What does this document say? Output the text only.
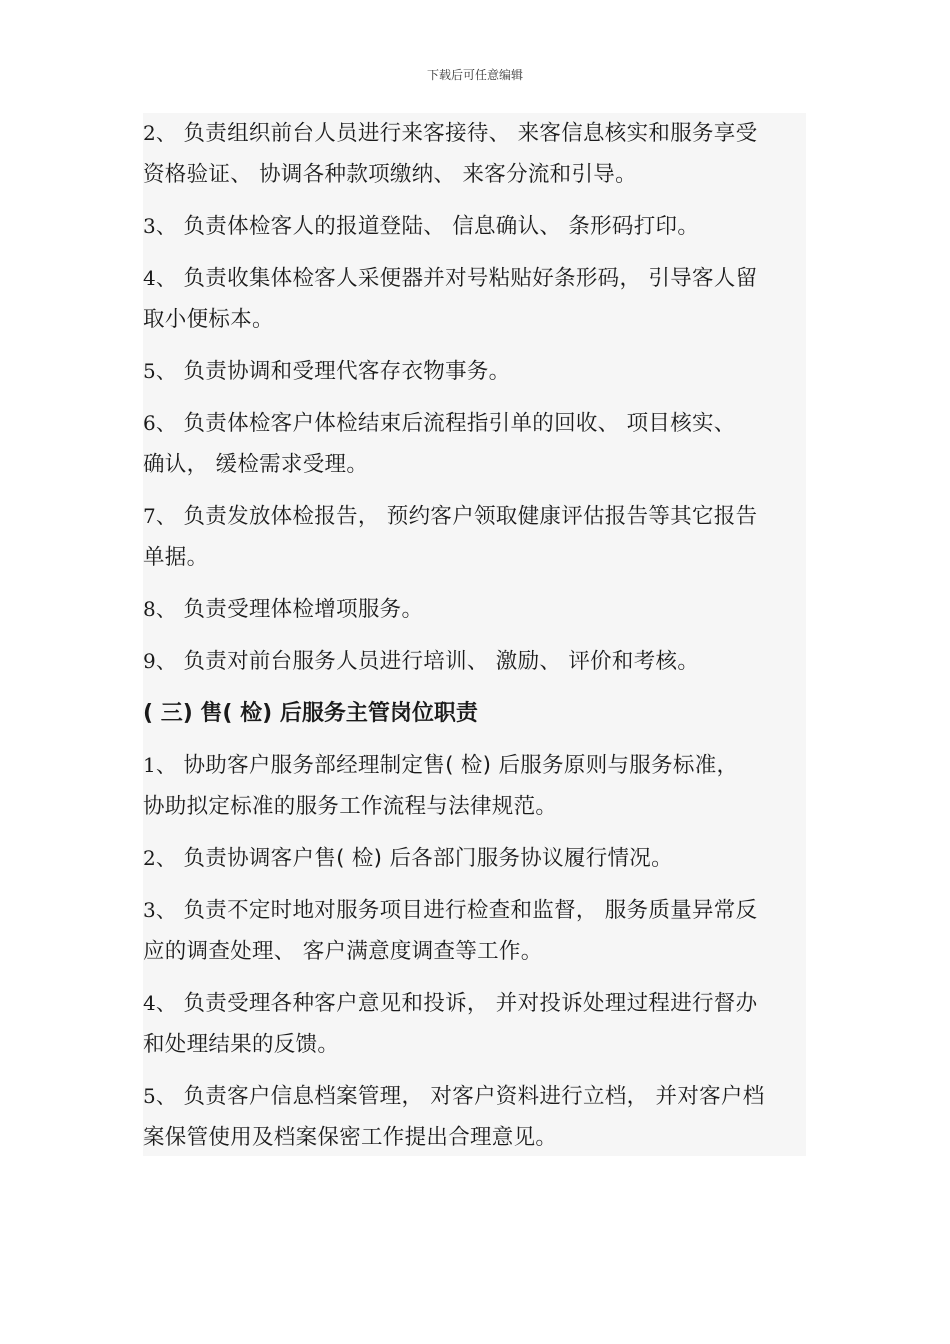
下载后可任意编辑
2、 负责组织前台人员进行来客接待、 来客信息核实和服务享受
资格验证、 协调各种款项缴纳、 来客分流和引导。
3、 负责体检客人的报道登陆、 信息确认、 条形码打印。
4、 负责收集体检客人采便器并对号粘贴好条形码， 引导客人留
取小便标本。
5、 负责协调和受理代客存衣物事务。
6、 负责体检客户体检结束后流程指引单的回收、 项目核实、
确认， 缓检需求受理。
7、 负责发放体检报告， 预约客户领取健康评估报告等其它报告
单据。
8、 负责受理体检增项服务。
9、 负责对前台服务人员进行培训、 激励、 评价和考核。
( 三) 售( 检) 后服务主管岗位职责
1、 协助客户服务部经理制定售( 检) 后服务原则与服务标准，
协助拟定标准的服务工作流程与法律规范。
2、 负责协调客户售( 检) 后各部门服务协议履行情况。
3、 负责不定时地对服务项目进行检查和监督， 服务质量异常反
应的调查处理、 客户满意度调查等工作。
4、 负责受理各种客户意见和投诉， 并对投诉处理过程进行督办
和处理结果的反馈。
5、 负责客户信息档案管理， 对客户资料进行立档， 并对客户档
案保管使用及档案保密工作提出合理意见。
